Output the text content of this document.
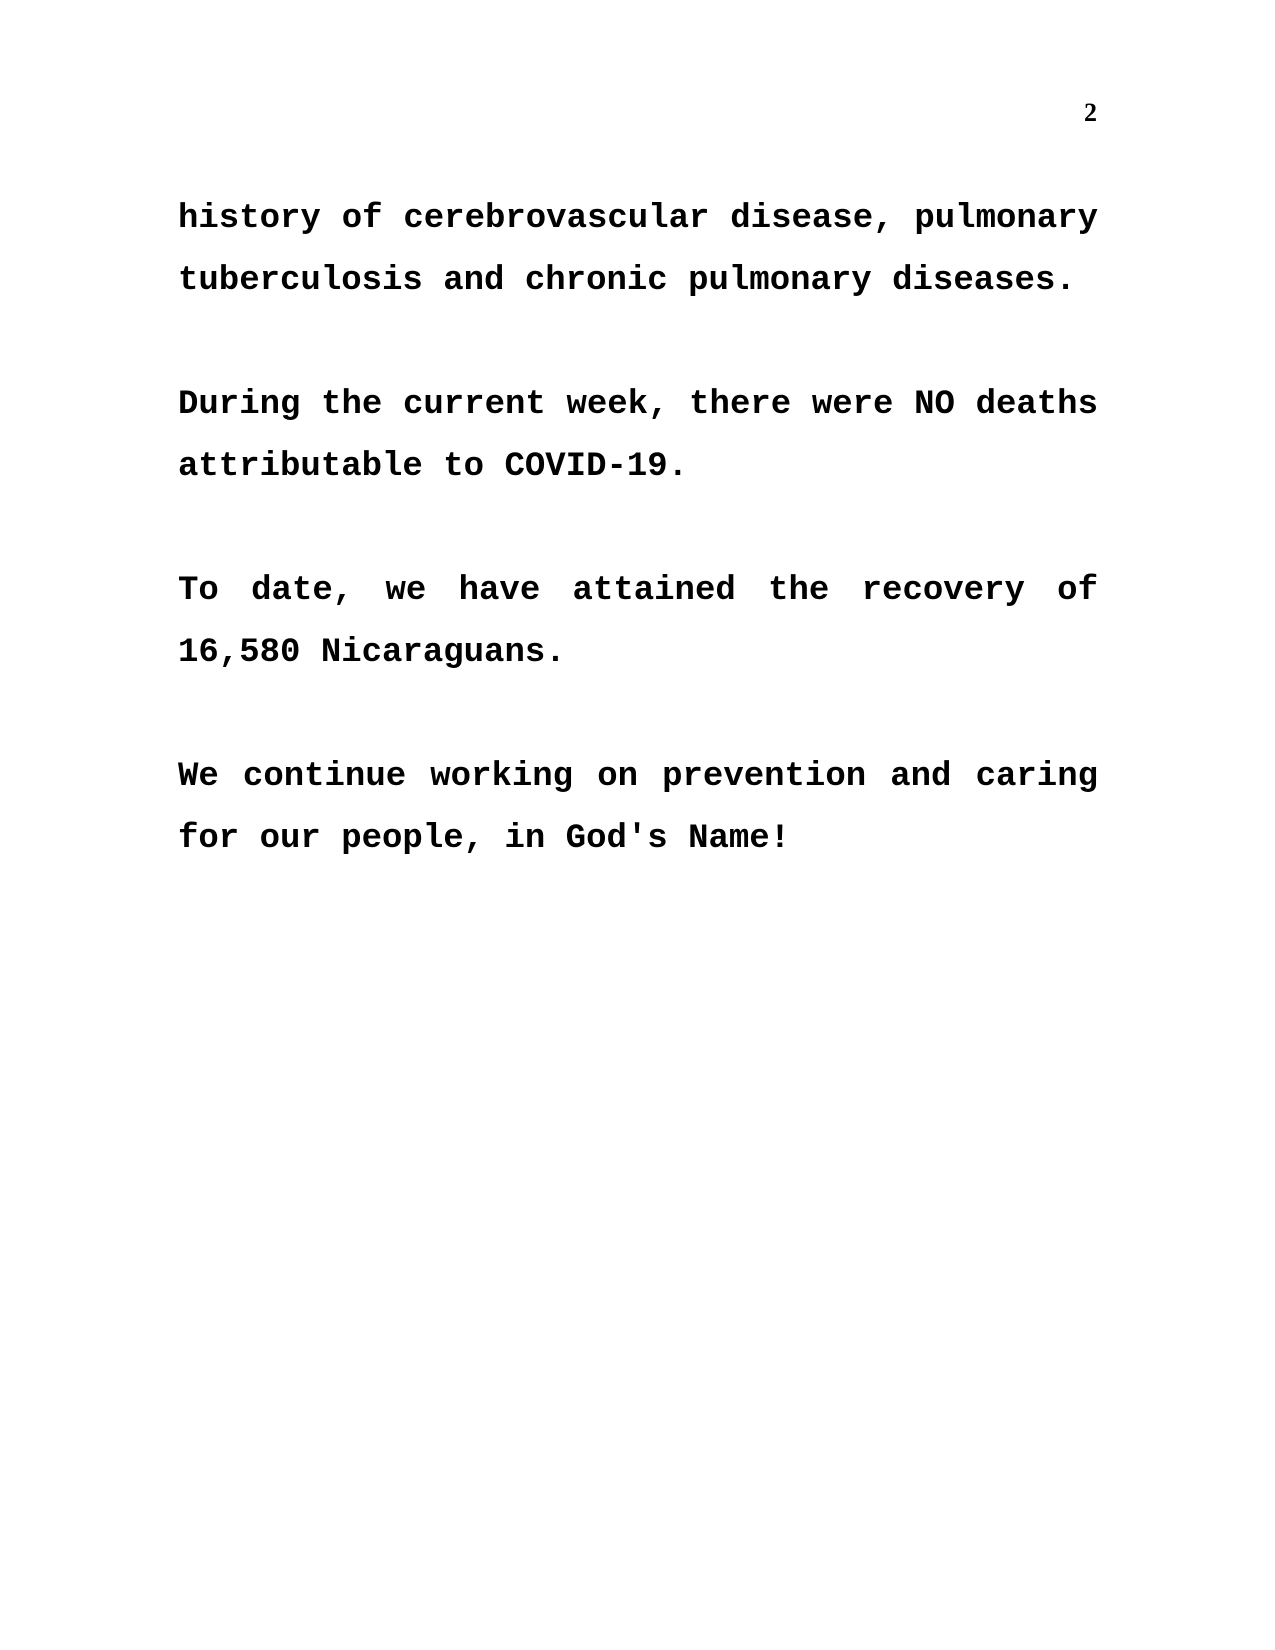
2

history of cerebrovascular disease, pulmonary
tuberculosis and chronic pulmonary diseases.

During the current week, there were NO deaths
attributable to COVID-19.

To date, we have attained the recovery of
16,580 Nicaraguans.

We continue working on prevention and caring
for our people, in God's Name!
